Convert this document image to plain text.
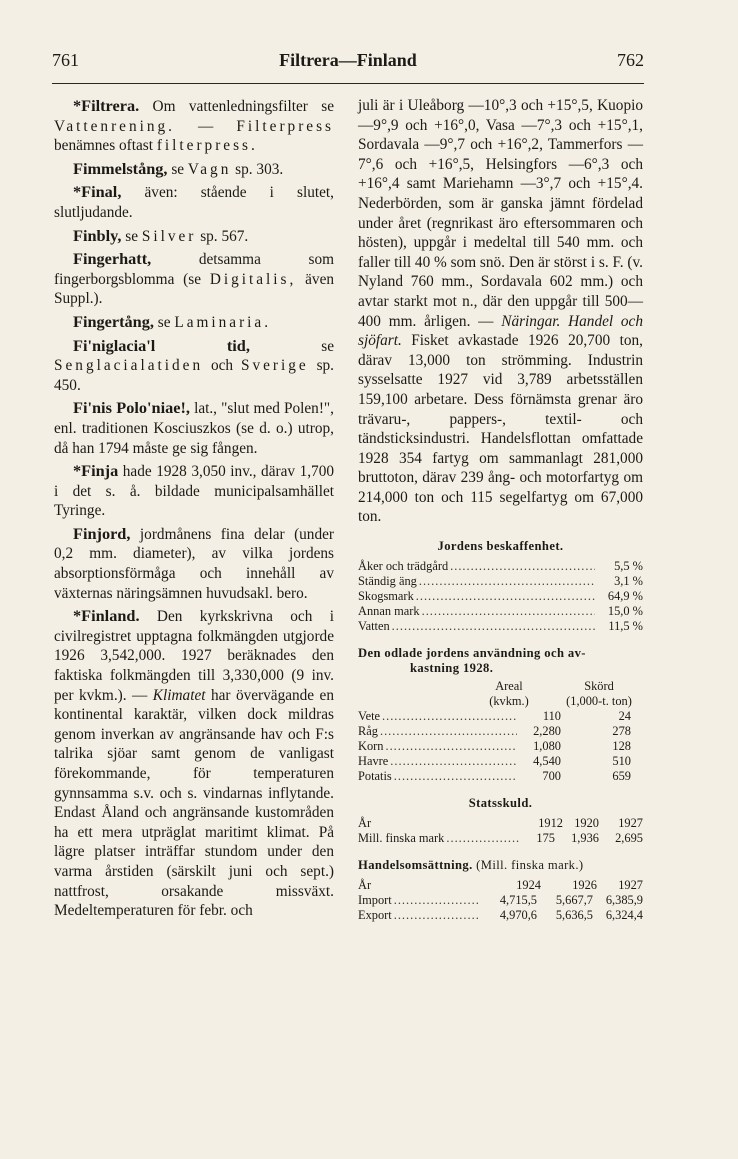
761	Filtrera—Finland	762

*Filtrera. Om vattenledningsfilter se Vattenrening. — Filterpress benämnes oftast filterpress.

Fimmelstång, se Vagn sp. 303.

*Final, även: stående i slutet, slutljudande.

Finbly, se Silver sp. 567.

Fingerhatt, detsamma som fingerborgsblomma (se Digitalis, även Suppl.).

Fingertång, se Laminaria.

Fi'niglacia'l tid, se Senglacialatiden och Sverige sp. 450.

Fi'nis Polo'niae!, lat., "slut med Polen!", enl. traditionen Kosciuszkos (se d. o.) utrop, då han 1794 måste ge sig fången.

*Finja hade 1928 3,050 inv., därav 1,700 i det s. å. bildade municipalsamhället Tyringe.

Finjord, jordmånens fina delar (under 0,2 mm. diameter), av vilka jordens absorptionsförmåga och innehåll av växternas näringsämnen huvudsakl. bero.

*Finland. Den kyrkskrivna och i civilregistret upptagna folkmängden utgjorde 1926 3,542,000. 1927 beräknades den faktiska folkmängden till 3,330,000 (9 inv. per kvkm.). — Klimatet har övervägande en kontinental karaktär, vilken dock mildras genom inverkan av angränsande hav och F:s talrika sjöar samt genom de vanligast förekommande, för temperaturen gynnsamma s.v. och s. vindarnas inflytande. Endast Åland och angränsande kustområden ha ett mera utpräglat maritimt klimat. På lägre platser inträffar stundom under den varma årstiden (särskilt juni och sept.) nattfrost, orsakande missväxt. Medeltemperaturen för febr. och

juli är i Uleåborg —10°,3 och +15°,5, Kuopio —9°,9 och +16°,0, Vasa —7°,3 och +15°,1, Sordavala —9°,7 och +16°,2, Tammerfors —7°,6 och +16°,5, Helsingfors —6°,3 och +16°,4 samt Mariehamn —3°,7 och +15°,4. Nederbörden, som är ganska jämnt fördelad under året (regnrikast äro eftersommaren och hösten), uppgår i medeltal till 540 mm. och faller till 40 % som snö. Den är störst i s. F. (v. Nyland 760 mm., Sordavala 602 mm.) och avtar starkt mot n., där den uppgår till 500—400 mm. årligen. — Näringar. Handel och sjöfart. Fisket avkastade 1926 20,700 ton, därav 13,000 ton strömming. Industrin sysselsatte 1927 vid 3,789 arbetsställen 159,100 arbetare. Dess förnämsta grenar äro trävaru-, pappers-, textil- och tändsticksindustri. Handelsflottan omfattade 1928 354 fartyg om sammanlagt 281,000 bruttoton, därav 239 ång- och motorfartyg om 214,000 ton och 115 segelfartyg om 67,000 ton.

Jordens beskaffenhet.
Åker och trädgård .....	5,5 %
Ständig äng .....	3,1 %
Skogsmark .....	64,9 %
Annan mark .....	15,0 %
Vatten .....	11,5 %
Den odlade jordens användning och av-
kastning 1928.
Areal	Skörd
(kvkm.)	(1,000-t. ton)
Vete .....	110	24
Råg .....	2,280	278
Korn .....	1,080	128
Havre .....	4,540	510
Potatis .....	700	659
Statsskuld.
År	1912 1920	1927
Mill. finska mark .....	175	1,936	2,695
Handelsomsättning. (Mill. finska mark.)
År	1924	1926	1927
Import .....	4,715,5	5,667,7	6,385,9
Export .....	4,970,6	5,636,5	6,324,4
